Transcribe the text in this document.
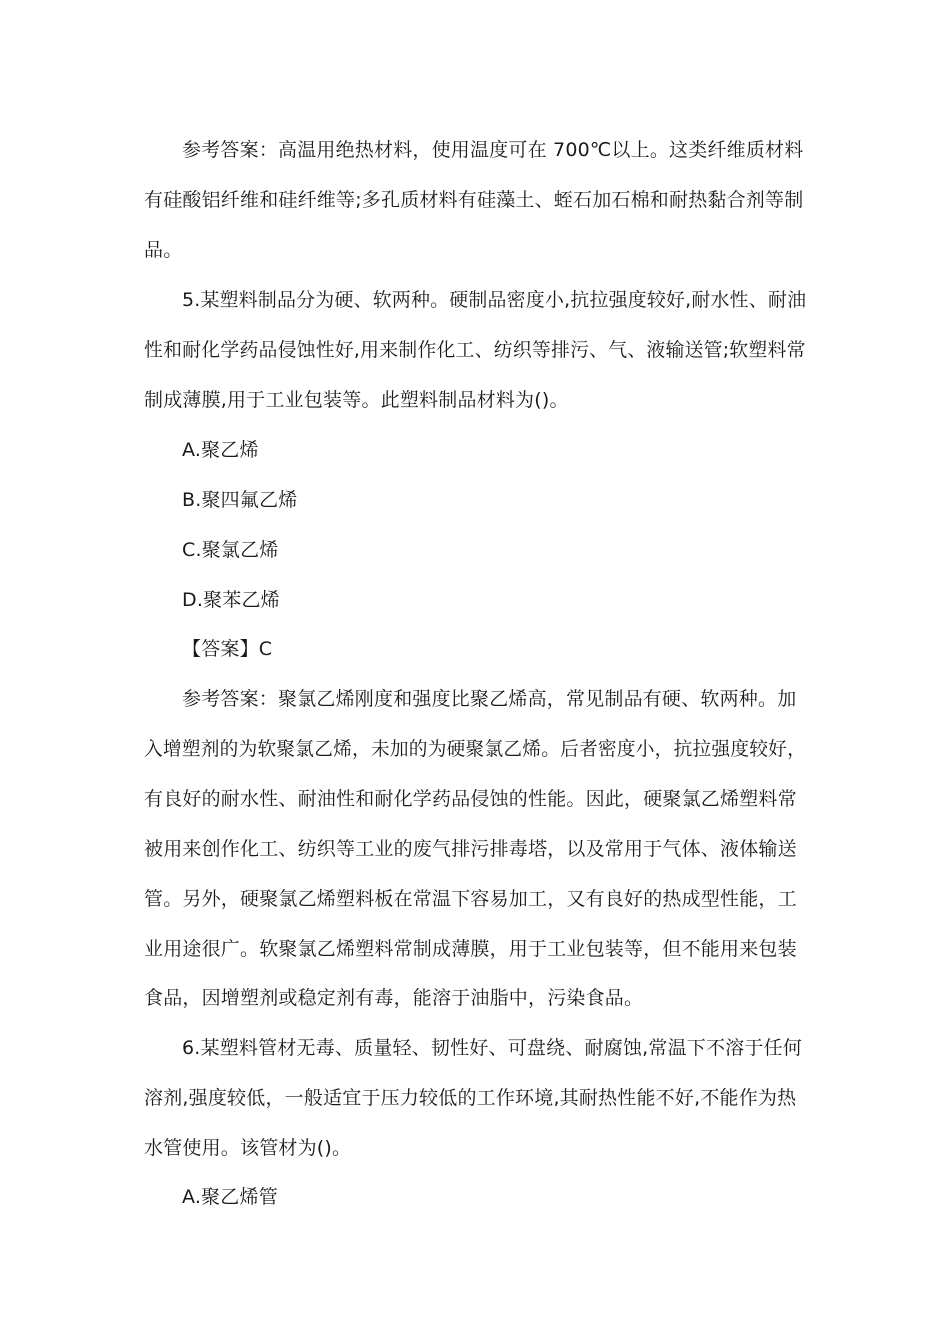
参考答案：高温用绝热材料，使用温度可在 700℃以上。这类纤维质材料
有硅酸铝纤维和硅纤维等;多孔质材料有硅藻土、蛭石加石棉和耐热黏合剂等制
品。
5.某塑料制品分为硬、软两种。硬制品密度小,抗拉强度较好,耐水性、耐油
性和耐化学药品侵蚀性好,用来制作化工、纺织等排污、气、液输送管;软塑料常
制成薄膜,用于工业包装等。此塑料制品材料为()。
A.聚乙烯
B.聚四氟乙烯
C.聚氯乙烯
D.聚苯乙烯
【答案】C
参考答案：聚氯乙烯刚度和强度比聚乙烯高，常见制品有硬、软两种。加
入增塑剂的为软聚氯乙烯，未加的为硬聚氯乙烯。后者密度小，抗拉强度较好，
有良好的耐水性、耐油性和耐化学药品侵蚀的性能。因此，硬聚氯乙烯塑料常
被用来创作化工、纺织等工业的废气排污排毒塔，以及常用于气体、液体输送
管。另外，硬聚氯乙烯塑料板在常温下容易加工，又有良好的热成型性能，工
业用途很广。软聚氯乙烯塑料常制成薄膜，用于工业包装等，但不能用来包装
食品，因增塑剂或稳定剂有毒，能溶于油脂中，污染食品。
6.某塑料管材无毒、质量轻、韧性好、可盘绕、耐腐蚀,常温下不溶于任何
溶剂,强度较低，一般适宜于压力较低的工作环境,其耐热性能不好,不能作为热
水管使用。该管材为()。
A.聚乙烯管
